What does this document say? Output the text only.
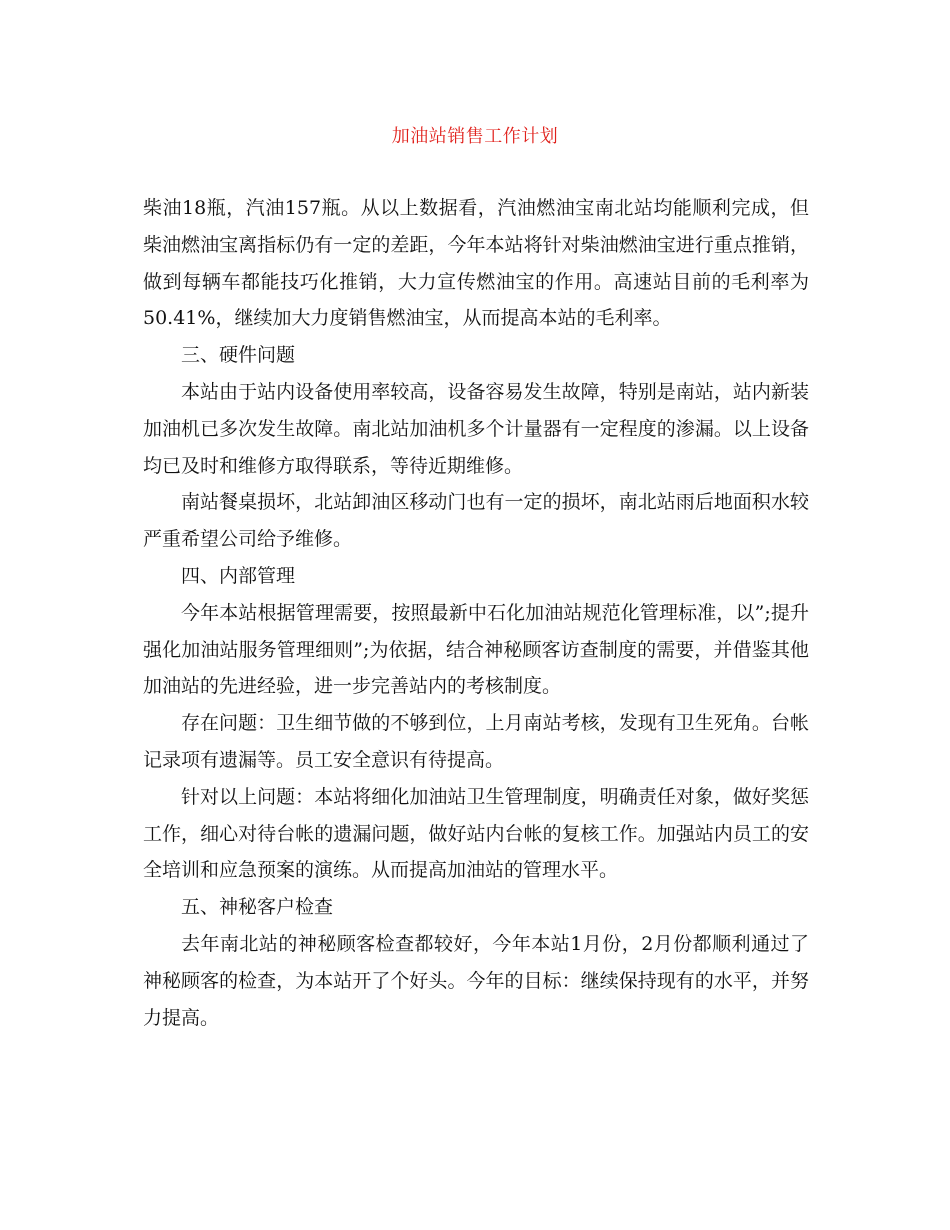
加油站销售工作计划

柴油18瓶，汽油157瓶。从以上数据看，汽油燃油宝南北站均能顺利完成，但柴油燃油宝离指标仍有一定的差距，今年本站将针对柴油燃油宝进行重点推销，做到每辆车都能技巧化推销，大力宣传燃油宝的作用。高速站目前的毛利率为50.41%，继续加大力度销售燃油宝，从而提高本站的毛利率。

三、硬件问题

本站由于站内设备使用率较高，设备容易发生故障，特别是南站，站内新装加油机已多次发生故障。南北站加油机多个计量器有一定程度的渗漏。以上设备均已及时和维修方取得联系，等待近期维修。

南站餐桌损坏，北站卸油区移动门也有一定的损坏，南北站雨后地面积水较严重希望公司给予维修。

四、内部管理

今年本站根据管理需要，按照最新中石化加油站规范化管理标准，以”;提升强化加油站服务管理细则”;为依据，结合神秘顾客访查制度的需要，并借鉴其他加油站的先进经验，进一步完善站内的考核制度。

存在问题：卫生细节做的不够到位，上月南站考核，发现有卫生死角。台帐记录项有遗漏等。员工安全意识有待提高。

针对以上问题：本站将细化加油站卫生管理制度，明确责任对象，做好奖惩工作，细心对待台帐的遗漏问题，做好站内台帐的复核工作。加强站内员工的安全培训和应急预案的演练。从而提高加油站的管理水平。

五、神秘客户检查

去年南北站的神秘顾客检查都较好，今年本站1月份，2月份都顺利通过了神秘顾客的检查，为本站开了个好头。今年的目标：继续保持现有的水平，并努力提高。
